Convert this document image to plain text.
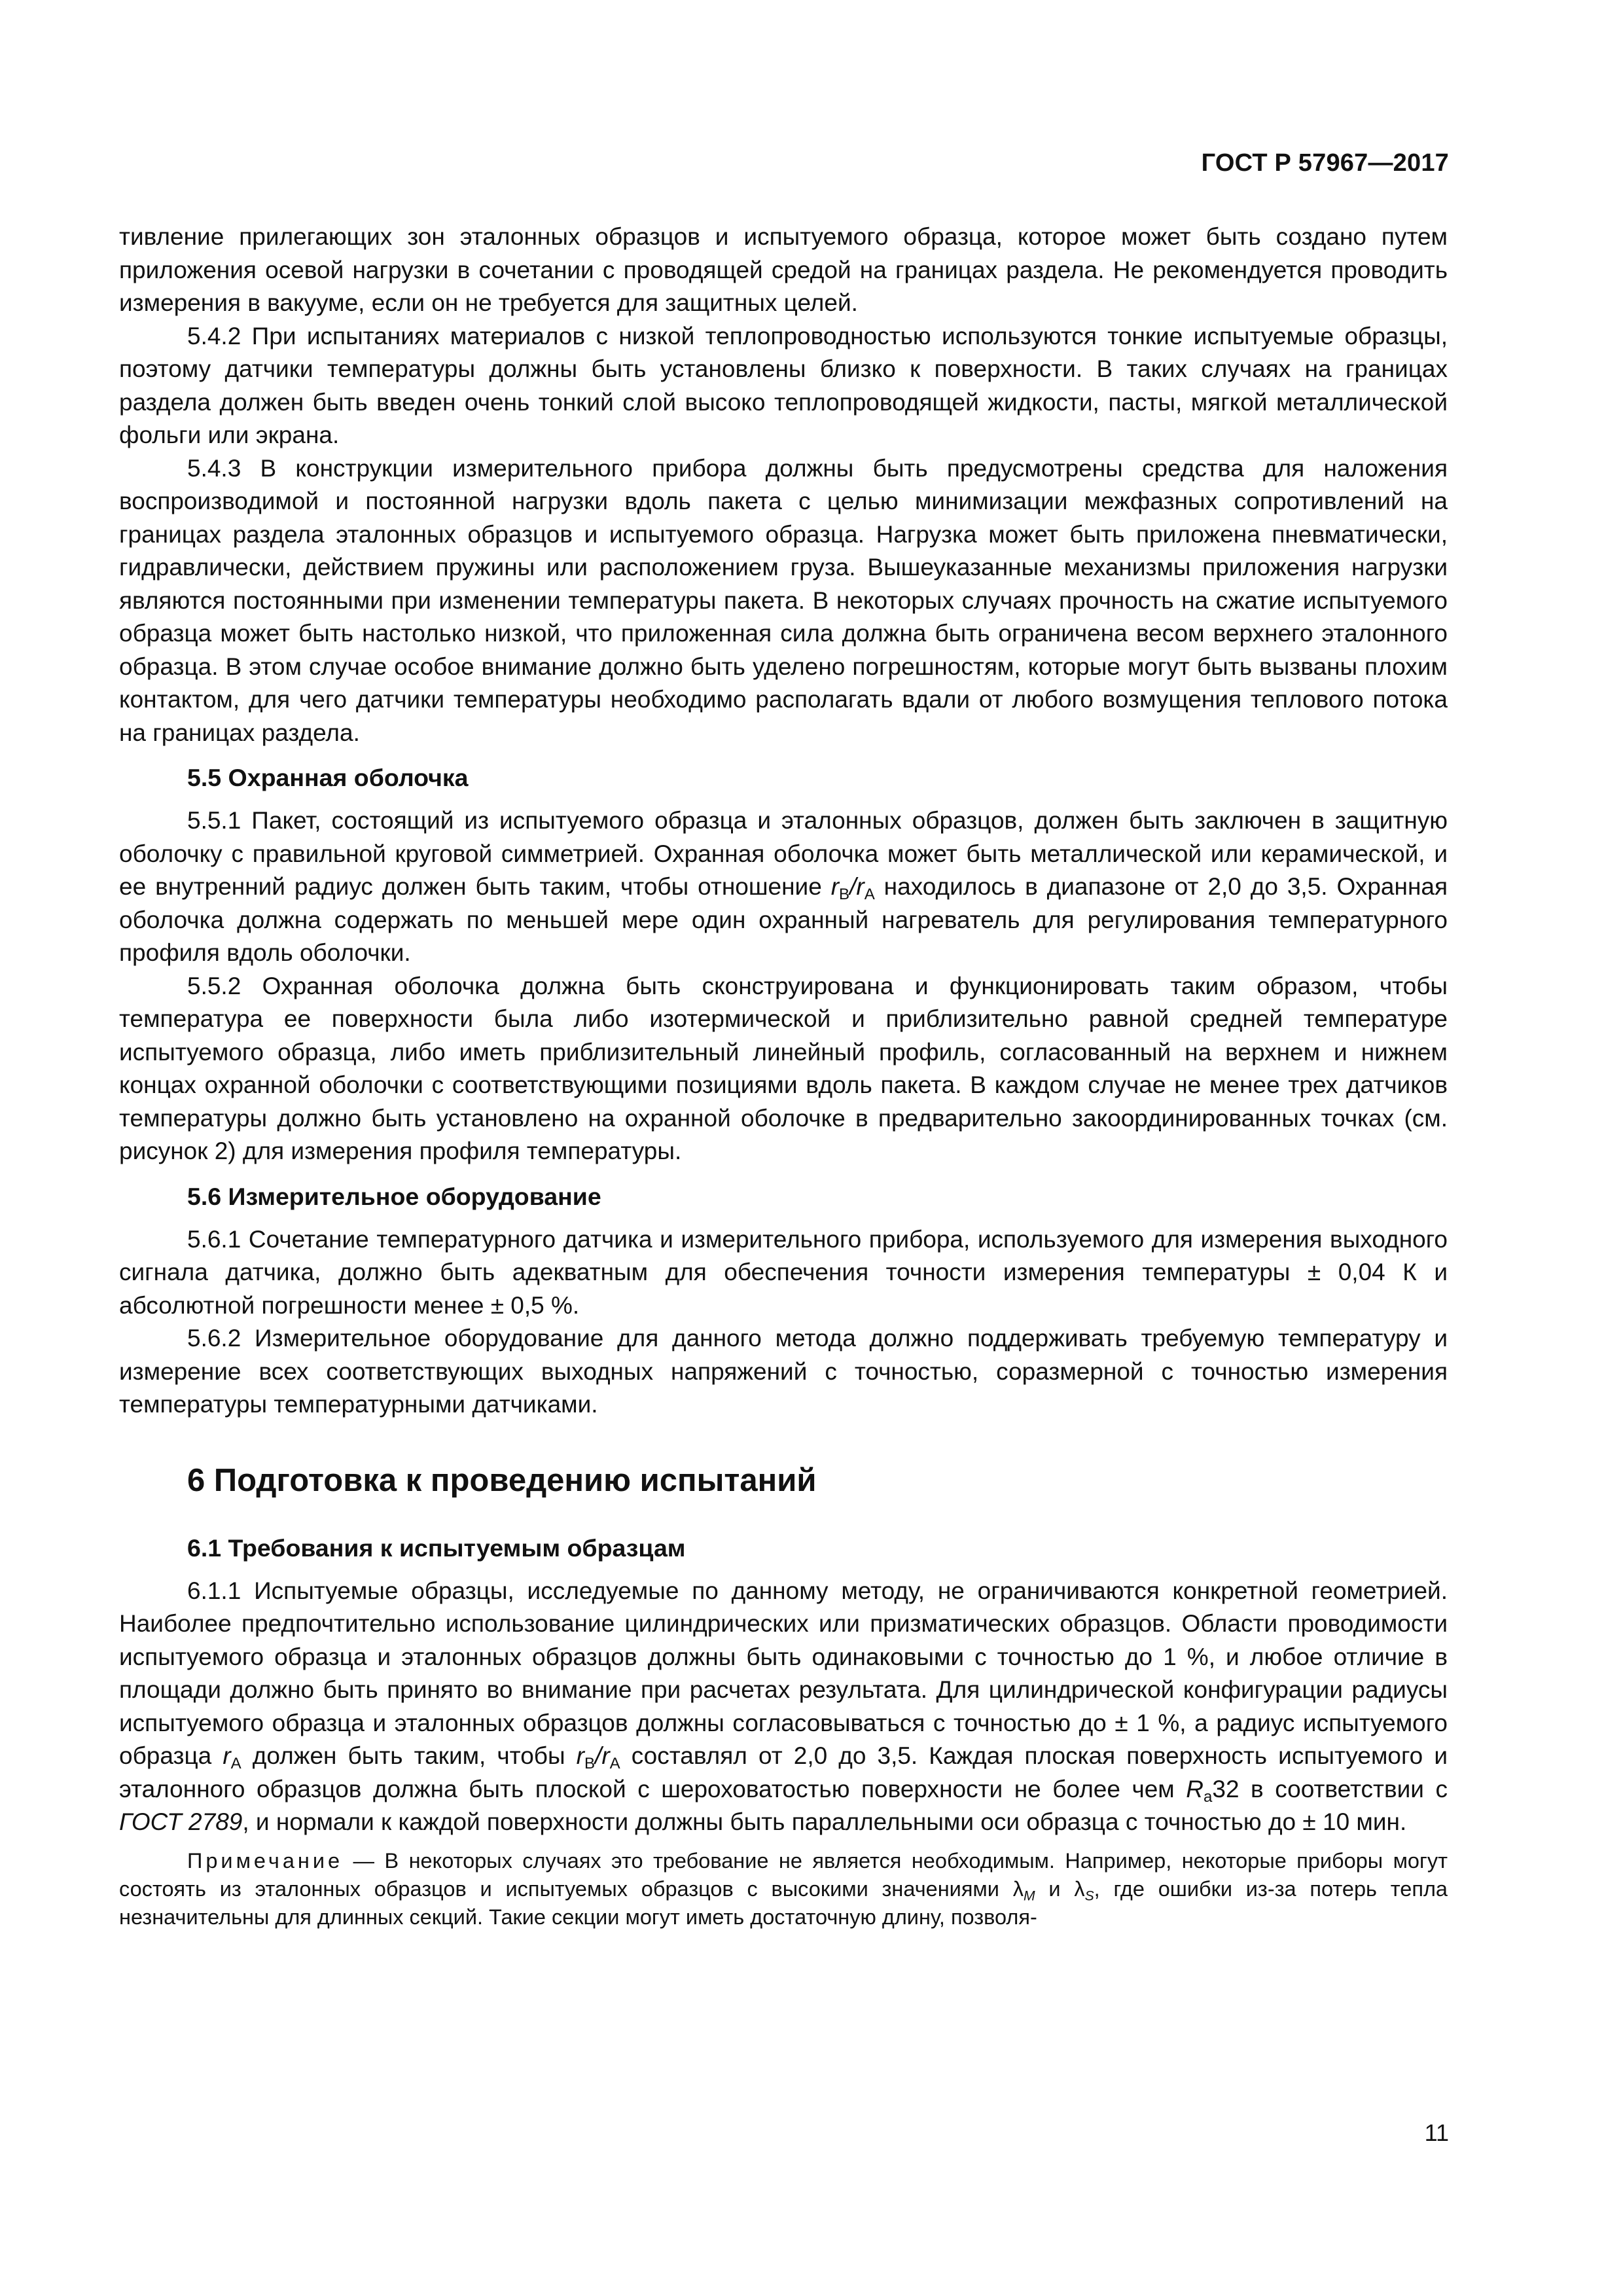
ГОСТ Р 57967—2017

тивление прилегающих зон эталонных образцов и испытуемого образца, которое может быть создано путем приложения осевой нагрузки в сочетании с проводящей средой на границах раздела. Не рекомендуется проводить измерения в вакууме, если он не требуется для защитных целей.

5.4.2 При испытаниях материалов с низкой теплопроводностью используются тонкие испытуемые образцы, поэтому датчики температуры должны быть установлены близко к поверхности. В таких случаях на границах раздела должен быть введен очень тонкий слой высоко теплопроводящей жидкости, пасты, мягкой металлической фольги или экрана.

5.4.3 В конструкции измерительного прибора должны быть предусмотрены средства для наложения воспроизводимой и постоянной нагрузки вдоль пакета с целью минимизации межфазных сопротивлений на границах раздела эталонных образцов и испытуемого образца. Нагрузка может быть приложена пневматически, гидравлически, действием пружины или расположением груза. Вышеуказанные механизмы приложения нагрузки являются постоянными при изменении температуры пакета. В некоторых случаях прочность на сжатие испытуемого образца может быть настолько низкой, что приложенная сила должна быть ограничена весом верхнего эталонного образца. В этом случае особое внимание должно быть уделено погрешностям, которые могут быть вызваны плохим контактом, для чего датчики температуры необходимо располагать вдали от любого возмущения теплового потока на границах раздела.

5.5 Охранная оболочка

5.5.1 Пакет, состоящий из испытуемого образца и эталонных образцов, должен быть заключен в защитную оболочку с правильной круговой симметрией. Охранная оболочка может быть металлической или керамической, и ее внутренний радиус должен быть таким, чтобы отношение $r_B/r_A$ находилось в диапазоне от 2,0 до 3,5. Охранная оболочка должна содержать по меньшей мере один охранный нагреватель для регулирования температурного профиля вдоль оболочки.

5.5.2 Охранная оболочка должна быть сконструирована и функционировать таким образом, чтобы температура ее поверхности была либо изотермической и приблизительно равной средней температуре испытуемого образца, либо иметь приблизительный линейный профиль, согласованный на верхнем и нижнем концах охранной оболочки с соответствующими позициями вдоль пакета. В каждом случае не менее трех датчиков температуры должно быть установлено на охранной оболочке в предварительно закоординированных точках (см. рисунок 2) для измерения профиля температуры.

5.6 Измерительное оборудование

5.6.1 Сочетание температурного датчика и измерительного прибора, используемого для измерения выходного сигнала датчика, должно быть адекватным для обеспечения точности измерения температуры ± 0,04 К и абсолютной погрешности менее ± 0,5 %.

5.6.2 Измерительное оборудование для данного метода должно поддерживать требуемую температуру и измерение всех соответствующих выходных напряжений с точностью, соразмерной с точностью измерения температуры температурными датчиками.

6 Подготовка к проведению испытаний
6.1 Требования к испытуемым образцам

6.1.1 Испытуемые образцы, исследуемые по данному методу, не ограничиваются конкретной геометрией. Наиболее предпочтительно использование цилиндрических или призматических образцов. Области проводимости испытуемого образца и эталонных образцов должны быть одинаковыми с точностью до 1 %, и любое отличие в площади должно быть принято во внимание при расчетах результата. Для цилиндрической конфигурации радиусы испытуемого образца и эталонных образцов должны согласовываться с точностью до ± 1 %, а радиус испытуемого образца $r_A$ должен быть таким, чтобы $r_B/r_A$ составлял от 2,0 до 3,5. Каждая плоская поверхность испытуемого и эталонного образцов должна быть плоской с шероховатостью поверхности не более чем $R_a32$ в соответствии с ГОСТ 2789, и нормали к каждой поверхности должны быть параллельными оси образца с точностью до ± 10 мин.

Примечание — В некоторых случаях это требование не является необходимым. Например, некоторые приборы могут состоять из эталонных образцов и испытуемых образцов с высокими значениями $\lambda_M$ и $\lambda_S$, где ошибки из-за потерь тепла незначительны для длинных секций. Такие секции могут иметь достаточную длину, позволя-

11
